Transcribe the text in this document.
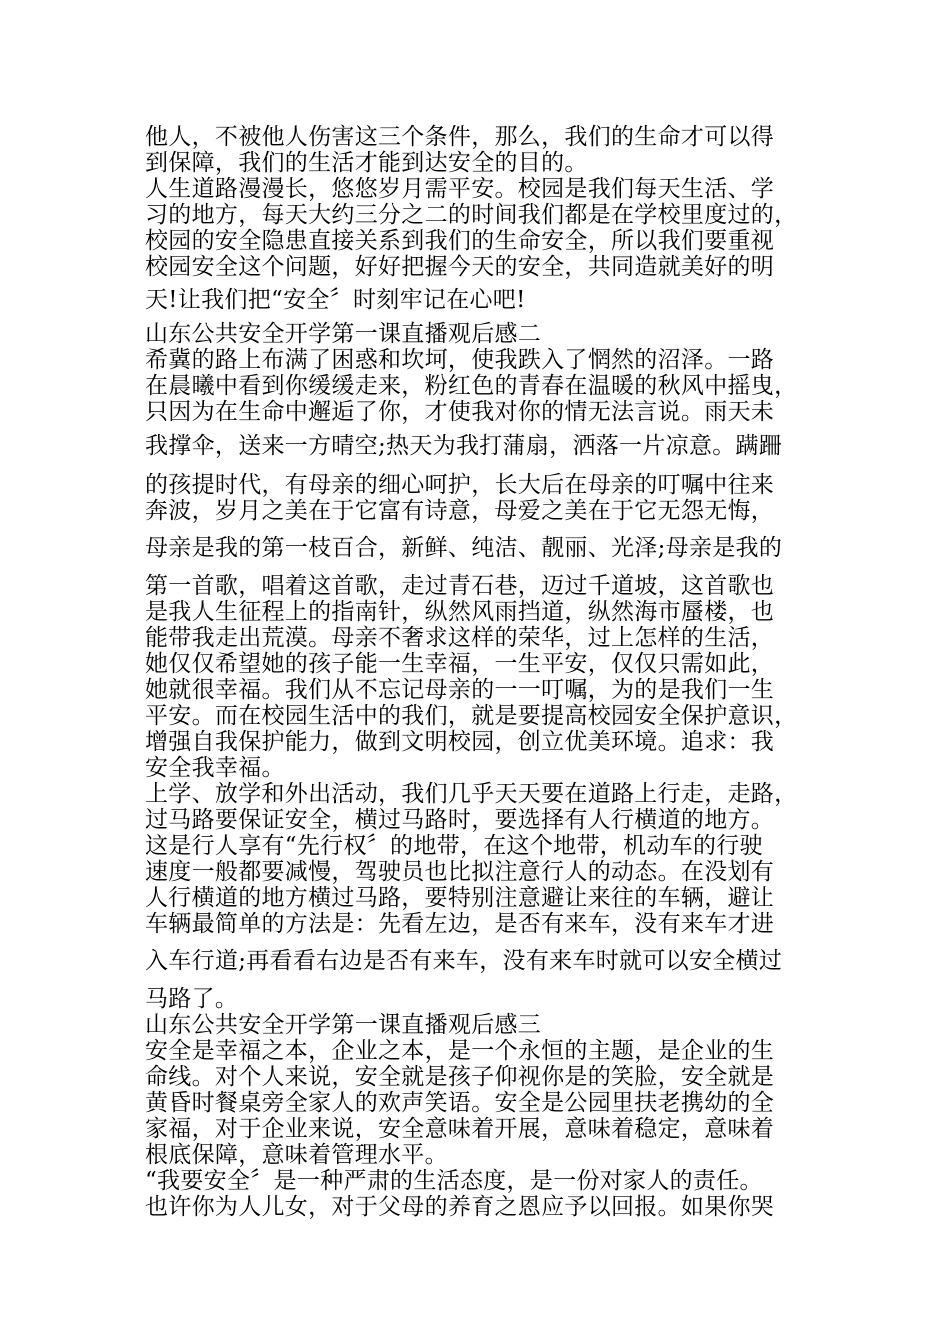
他人，不被他人伤害这三个条件，那么，我们的生命才可以得
到保障，我们的生活才能到达安全的目的。
人生道路漫漫长，悠悠岁月需平安。校园是我们每天生活、学
习的地方，每天大约三分之二的时间我们都是在学校里度过的，
校园的安全隐患直接关系到我们的生命安全，所以我们要重视
校园安全这个问题，好好把握今天的安全，共同造就美好的明
天!让我们把“安全〞时刻牢记在心吧!
山东公共安全开学第一课直播观后感二
希冀的路上布满了困惑和坎坷，使我跌入了惘然的沼泽。一路
在晨曦中看到你缓缓走来，粉红色的青春在温暖的秋风中摇曳，
只因为在生命中邂逅了你，才使我对你的情无法言说。雨天未
我撑伞，送来一方晴空;热天为我打蒲扇，洒落一片凉意。蹒跚
的孩提时代，有母亲的细心呵护，长大后在母亲的叮嘱中往来
奔波，岁月之美在于它富有诗意，母爱之美在于它无怨无悔，
母亲是我的第一枝百合，新鲜、纯洁、靓丽、光泽;母亲是我的
第一首歌，唱着这首歌，走过青石巷，迈过千道坡，这首歌也
是我人生征程上的指南针，纵然风雨挡道，纵然海市蜃楼，也
能带我走出荒漠。母亲不奢求这样的荣华，过上怎样的生活，
她仅仅希望她的孩子能一生幸福，一生平安，仅仅只需如此，
她就很幸福。我们从不忘记母亲的一一叮嘱，为的是我们一生
平安。而在校园生活中的我们，就是要提高校园安全保护意识，
增强自我保护能力，做到文明校园，创立优美环境。追求：我
安全我幸福。
上学、放学和外出活动，我们几乎天天要在道路上行走，走路，
过马路要保证安全，横过马路时，要选择有人行横道的地方。
这是行人享有“先行权〞的地带，在这个地带，机动车的行驶
速度一般都要减慢，驾驶员也比拟注意行人的动态。在没划有
人行横道的地方横过马路，要特别注意避让来往的车辆，避让
车辆最简单的方法是：先看左边，是否有来车，没有来车才进
入车行道;再看看右边是否有来车，没有来车时就可以安全横过
马路了。
山东公共安全开学第一课直播观后感三
安全是幸福之本，企业之本，是一个永恒的主题，是企业的生
命线。对个人来说，安全就是孩子仰视你是的笑脸，安全就是
黄昏时餐桌旁全家人的欢声笑语。安全是公园里扶老携幼的全
家福，对于企业来说，安全意味着开展，意味着稳定，意味着
根底保障，意味着管理水平。
“我要安全〞是一种严肃的生活态度，是一份对家人的责任。
也许你为人儿女，对于父母的养育之恩应予以回报。如果你哭
